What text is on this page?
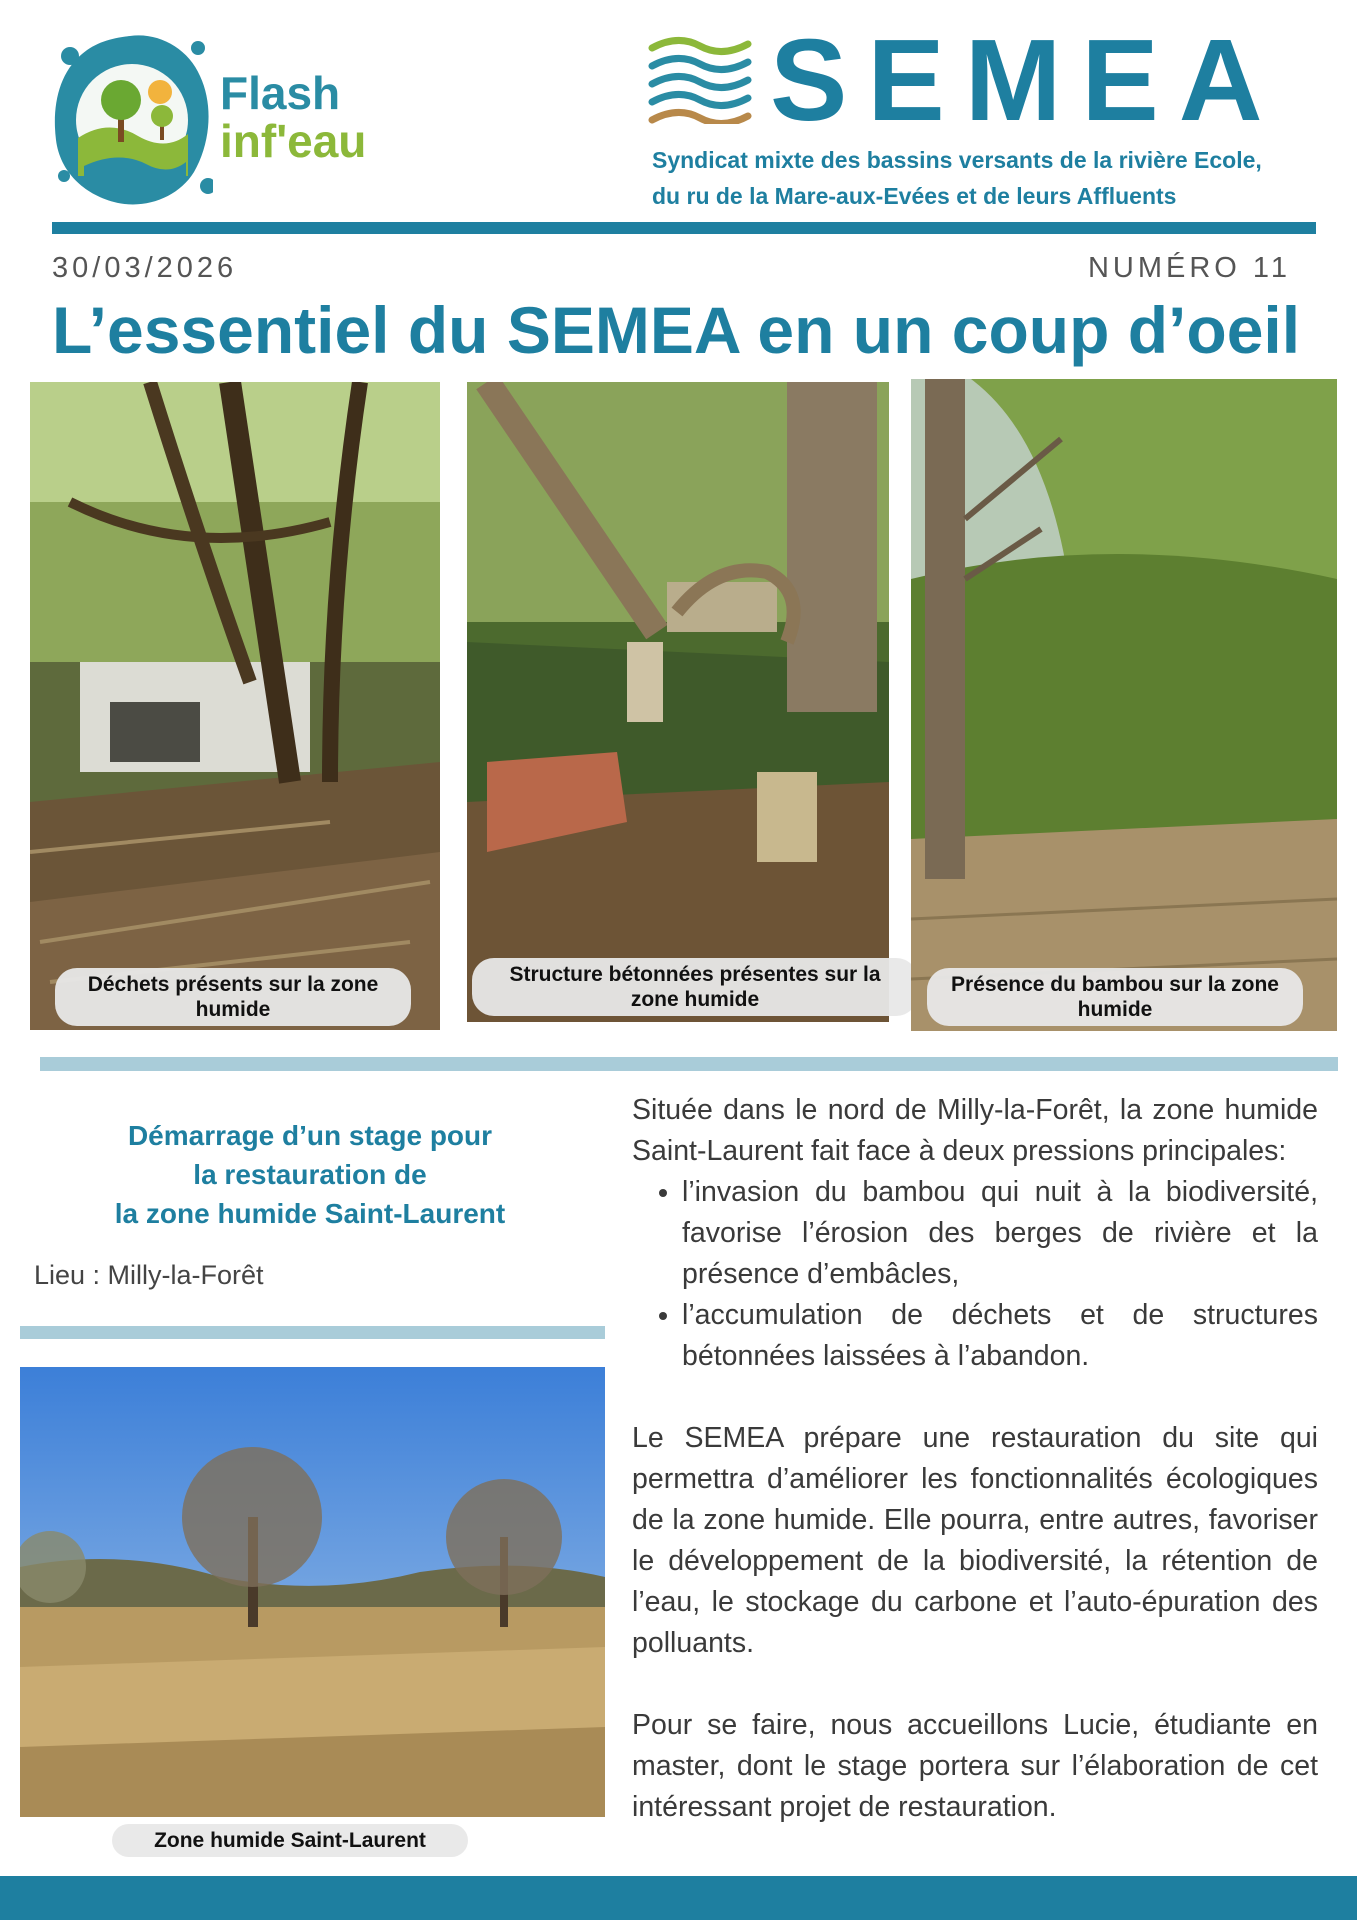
Flash
inf'eau	SEMEA
Syndicat mixte des bassins versants de la rivière Ecole,
du ru de la Mare-aux-Evées et de leurs Affluents
30/03/2026	NUMÉRO 11
L’essentiel du SEMEA en un coup d’oeil
Déchets présents sur la zone humide
Structure bétonnées présentes sur la zone humide
Présence du bambou sur la zone humide
Démarrage d’un stage pour
la restauration de
la zone humide Saint-Laurent
Lieu : Milly-la-Forêt
Zone humide Saint-Laurent

Située dans le nord de Milly-la-Forêt, la zone humide Saint-Laurent fait face à deux pressions principales:

• l’invasion du bambou qui nuit à la biodiversité, favorise l’érosion des berges de rivière et la présence d’embâcles,
• l’accumulation de déchets et de structures bétonnées laissées à l’abandon.

Le SEMEA prépare une restauration du site qui permettra d’améliorer les fonctionnalités écologiques de la zone humide. Elle pourra, entre autres, favoriser le développement de la biodiversité, la rétention de l’eau, le stockage du carbone et l’auto-épuration des polluants.

Pour se faire, nous accueillons Lucie, étudiante en master, dont le stage portera sur l’élaboration de cet intéressant projet de restauration.
